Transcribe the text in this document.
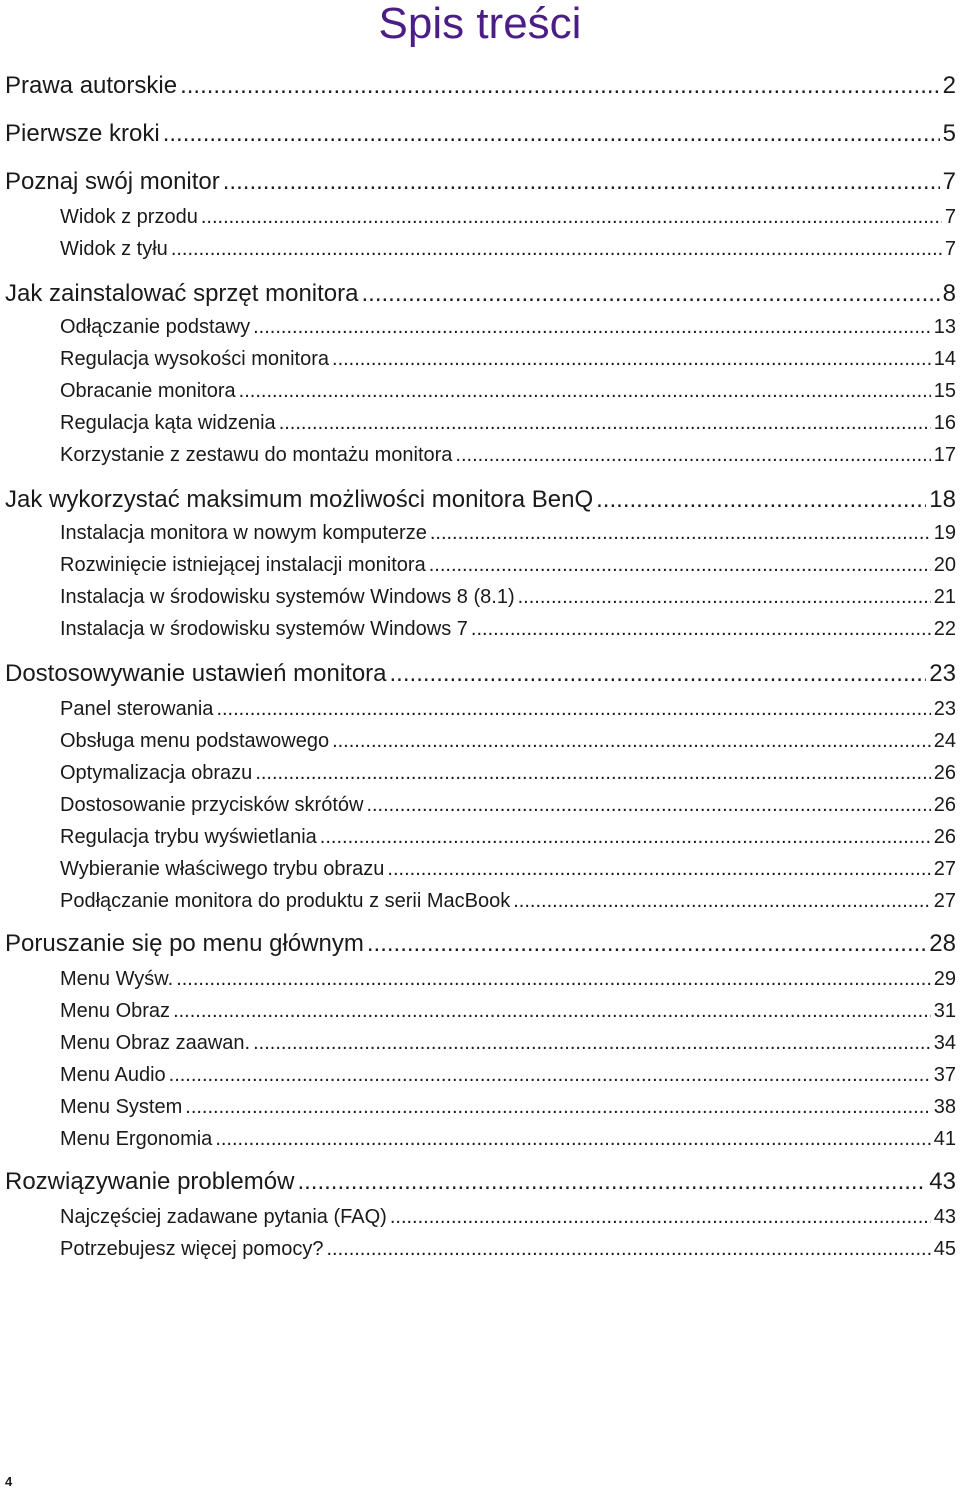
Spis treści
Prawa autorskie .....	2
Pierwsze kroki .....	5
Poznaj swój monitor .....	7
Widok z przodu .....	7
Widok z tyłu .....	7
Jak zainstalować sprzęt monitora .....	8
Odłączanie podstawy .....	13
Regulacja wysokości monitora .....	14
Obracanie monitora .....	15
Regulacja kąta widzenia .....	16
Korzystanie z zestawu do montażu monitora .....	17
Jak wykorzystać maksimum możliwości monitora BenQ .....	18
Instalacja monitora w nowym komputerze .....	19
Rozwinięcie istniejącej instalacji monitora .....	20
Instalacja w środowisku systemów Windows 8 (8.1) .....	21
Instalacja w środowisku systemów Windows 7 .....	22
Dostosowywanie ustawień monitora .....	23
Panel sterowania .....	23
Obsługa menu podstawowego .....	24
Optymalizacja obrazu .....	26
Dostosowanie przycisków skrótów .....	26
Regulacja trybu wyświetlania .....	26
Wybieranie właściwego trybu obrazu .....	27
Podłączanie monitora do produktu z serii MacBook .....	27
Poruszanie się po menu głównym .....	28
Menu Wyśw. .....	29
Menu Obraz .....	31
Menu Obraz zaawan. .....	34
Menu Audio .....	37
Menu System .....	38
Menu Ergonomia .....	41
Rozwiązywanie problemów .....	43
Najczęściej zadawane pytania (FAQ) .....	43
Potrzebujesz więcej pomocy? .....	45
4
